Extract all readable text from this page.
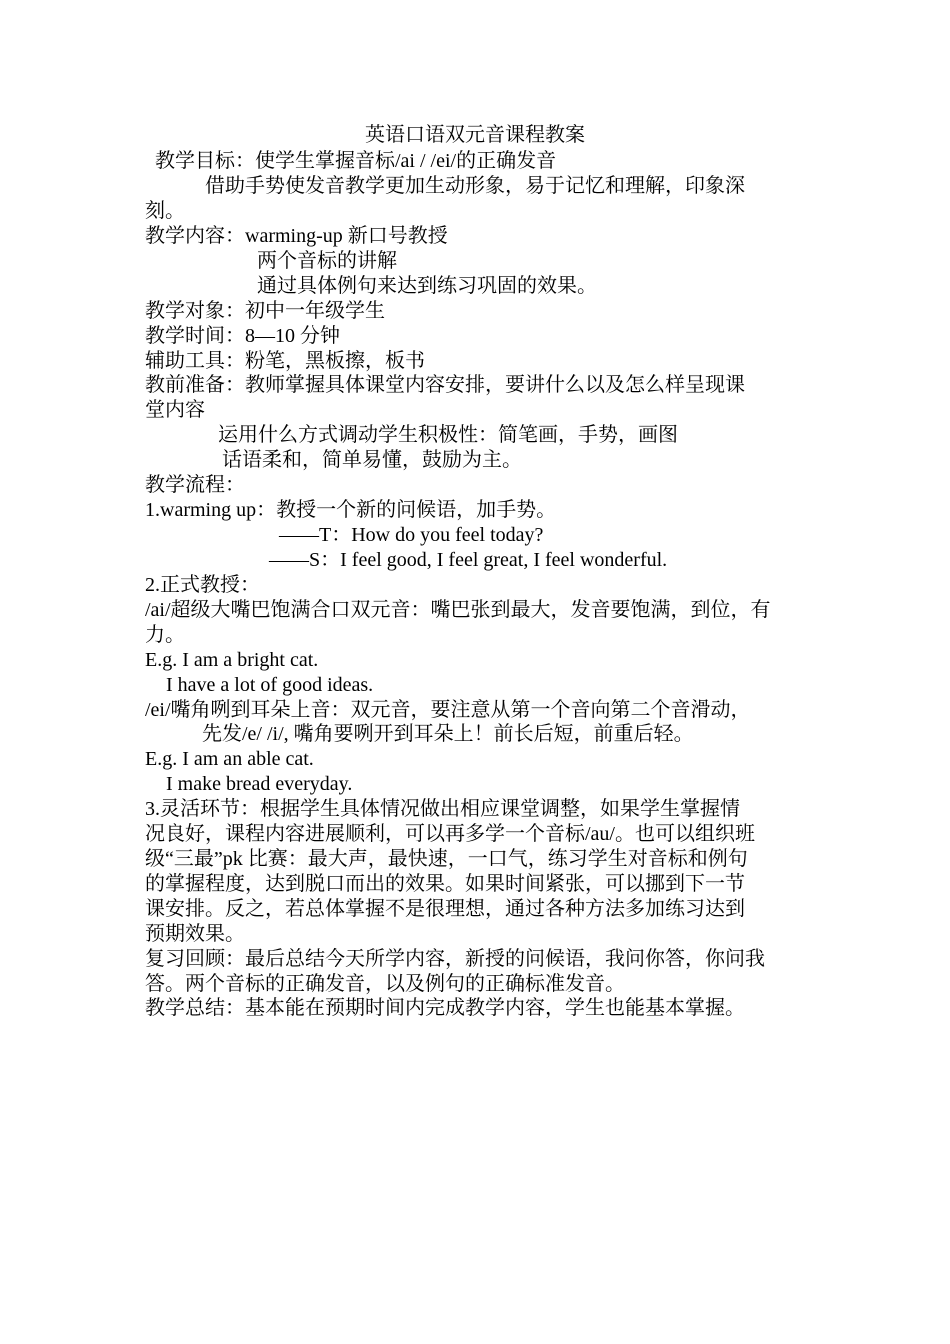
英语口语双元音课程教案
教学目标：使学生掌握音标/ai / /ei/的正确发音
借助手势使发音教学更加生动形象，易于记忆和理解，印象深
刻。
教学内容：warming-up 新口号教授
两个音标的讲解
通过具体例句来达到练习巩固的效果。
教学对象：初中一年级学生
教学时间：8—10 分钟
辅助工具：粉笔，黑板擦，板书
教前准备：教师掌握具体课堂内容安排，要讲什么以及怎么样呈现课
堂内容
运用什么方式调动学生积极性：简笔画，手势，画图
话语柔和，简单易懂，鼓励为主。
教学流程：
1.warming up：教授一个新的问候语，加手势。
——T：How do you feel today?
——S：I feel good, I feel great, I feel wonderful.
2.正式教授：
/ai/超级大嘴巴饱满合口双元音：嘴巴张到最大，发音要饱满，到位，有
力。
E.g. I am a bright cat.
I have a lot of good ideas.
/ei/嘴角咧到耳朵上音：双元音，要注意从第一个音向第二个音滑动，
先发/e/ /i/, 嘴角要咧开到耳朵上！前长后短，前重后轻。
E.g. I am an able cat.
I make bread everyday.
3.灵活环节：根据学生具体情况做出相应课堂调整，如果学生掌握情
况良好，课程内容进展顺利，可以再多学一个音标/au/。也可以组织班
级“三最”pk 比赛：最大声，最快速，一口气，练习学生对音标和例句
的掌握程度，达到脱口而出的效果。如果时间紧张，可以挪到下一节
课安排。反之，若总体掌握不是很理想，通过各种方法多加练习达到
预期效果。
复习回顾：最后总结今天所学内容，新授的问候语，我问你答，你问我
答。两个音标的正确发音，以及例句的正确标准发音。
教学总结：基本能在预期时间内完成教学内容，学生也能基本掌握。
